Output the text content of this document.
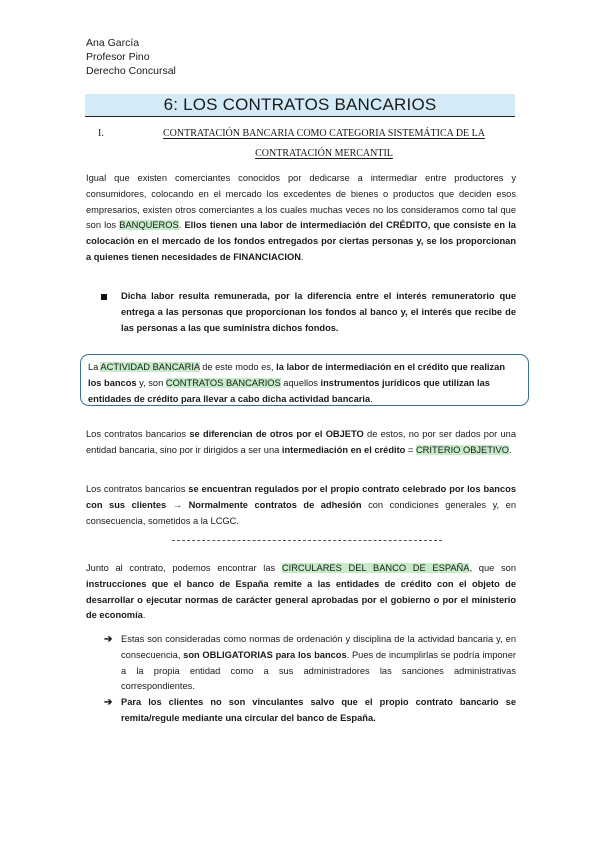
Ana García
Profesor Pino
Derecho Concursal
6: LOS CONTRATOS BANCARIOS
I.	CONTRATACIÓN BANCARIA COMO CATEGORIA SISTEMÁTICA DE LA CONTRATACIÓN MERCANTIL
Igual que existen comerciantes conocidos por dedicarse a intermediar entre productores y consumidores, colocando en el mercado los excedentes de bienes o productos que deciden esos empresarios, existen otros comerciantes a los cuales muchas veces no los consideramos como tal que son los BANQUEROS. Ellos tienen una labor de intermediación del CRÉDITO, que consiste en la colocación en el mercado de los fondos entregados por ciertas personas y, se los proporcionan a quienes tienen necesidades de FINANCIACION.
Dicha labor resulta remunerada, por la diferencia entre el interés remuneratorio que entrega a las personas que proporcionan los fondos al banco y, el interés que recibe de las personas a las que suministra dichos fondos.
La ACTIVIDAD BANCARIA de este modo es, la labor de intermediación en el crédito que realizan los bancos y, son CONTRATOS BANCARIOS aquellos instrumentos jurídicos que utilizan las entidades de crédito para llevar a cabo dicha actividad bancaria.
Los contratos bancarios se diferencian de otros por el OBJETO de estos, no por ser dados por una entidad bancaria, sino por ir dirigidos a ser una intermediación en el crédito = CRITERIO OBJETIVO.
Los contratos bancarios se encuentran regulados por el propio contrato celebrado por los bancos con sus clientes → Normalmente contratos de adhesión con condiciones generales y, en consecuencia, sometidos a la LCGC.
Junto al contrato, podemos encontrar las CIRCULARES DEL BANCO DE ESPAÑA, que son instrucciones que el banco de España remite a las entidades de crédito con el objeto de desarrollar o ejecutar normas de carácter general aprobadas por el gobierno o por el ministerio de economía.
➔ Estas son consideradas como normas de ordenación y disciplina de la actividad bancaria y, en consecuencia, son OBLIGATORIAS para los bancos. Pues de incumplirlas se podría imponer a la propia entidad como a sus administradores las sanciones administrativas correspondientes.
➔ Para los clientes no son vinculantes salvo que el propio contrato bancario se remita/regule mediante una circular del banco de España.
